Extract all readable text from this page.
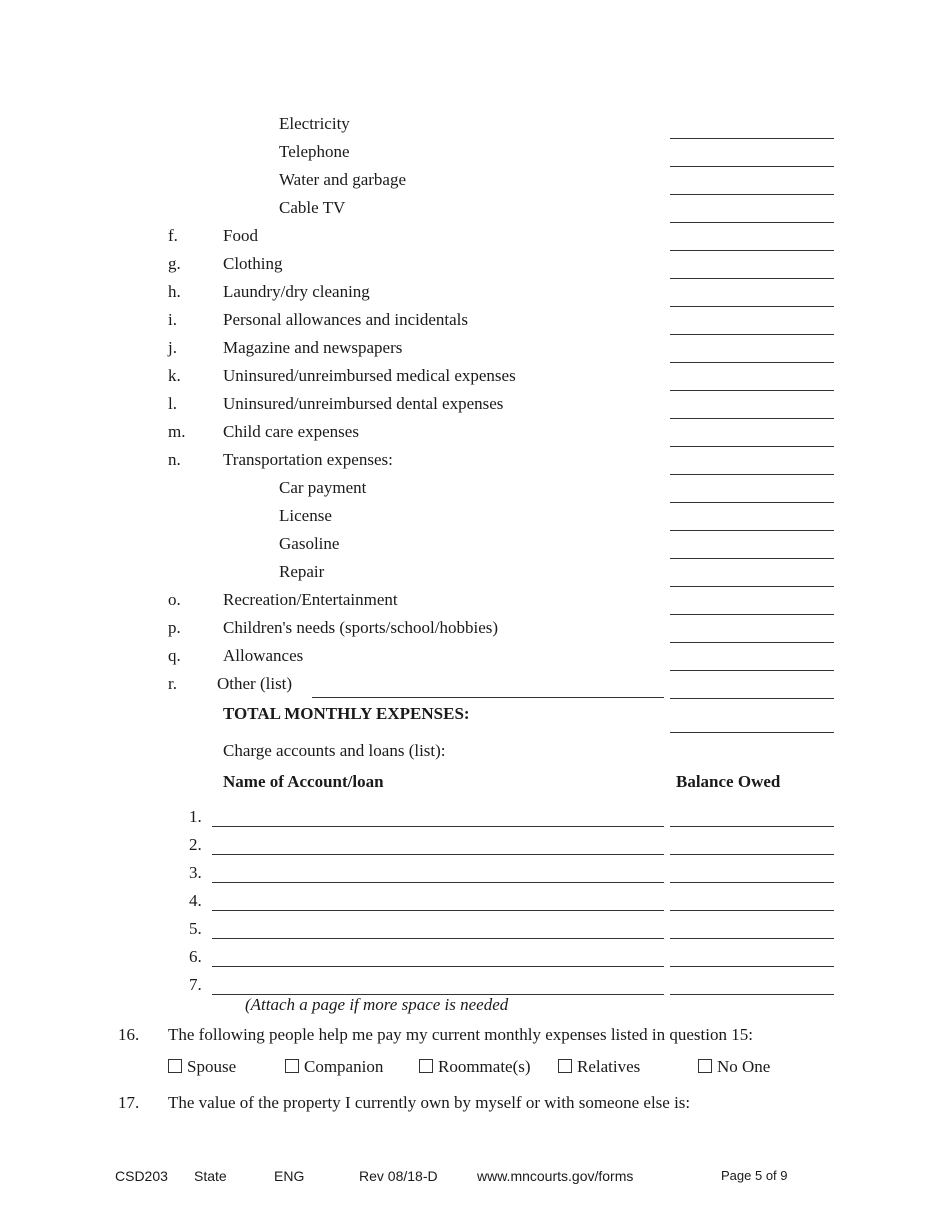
Electricity
Telephone
Water and garbage
Cable TV
f.	Food
g. Clothing
h. Laundry/dry cleaning
i.	Personal allowances and incidentals
j.	Magazine and newspapers
k. Uninsured/unreimbursed medical expenses
l.	Uninsured/unreimbursed dental expenses
m. Child care expenses
n. Transportation expenses:
Car payment
License
Gasoline
Repair
o. Recreation/Entertainment
p. Children's needs (sports/school/hobbies)
q. Allowances
r. Other (list)
TOTAL MONTHLY EXPENSES:
Charge accounts and loans (list):
Name of Account/loan	Balance Owed
1.
2.
3.
4.
5.
6.
7.
(Attach a page if more space is needed
16. The following people help me pay my current monthly expenses listed in question 15:
Spouse	Companion	Roommate(s)	Relatives	No One
17. The value of the property I currently own by myself or with someone else is:
CSD203 State	ENG	Rev 08/18-D	www.mncourts.gov/forms	Page 5 of 9
